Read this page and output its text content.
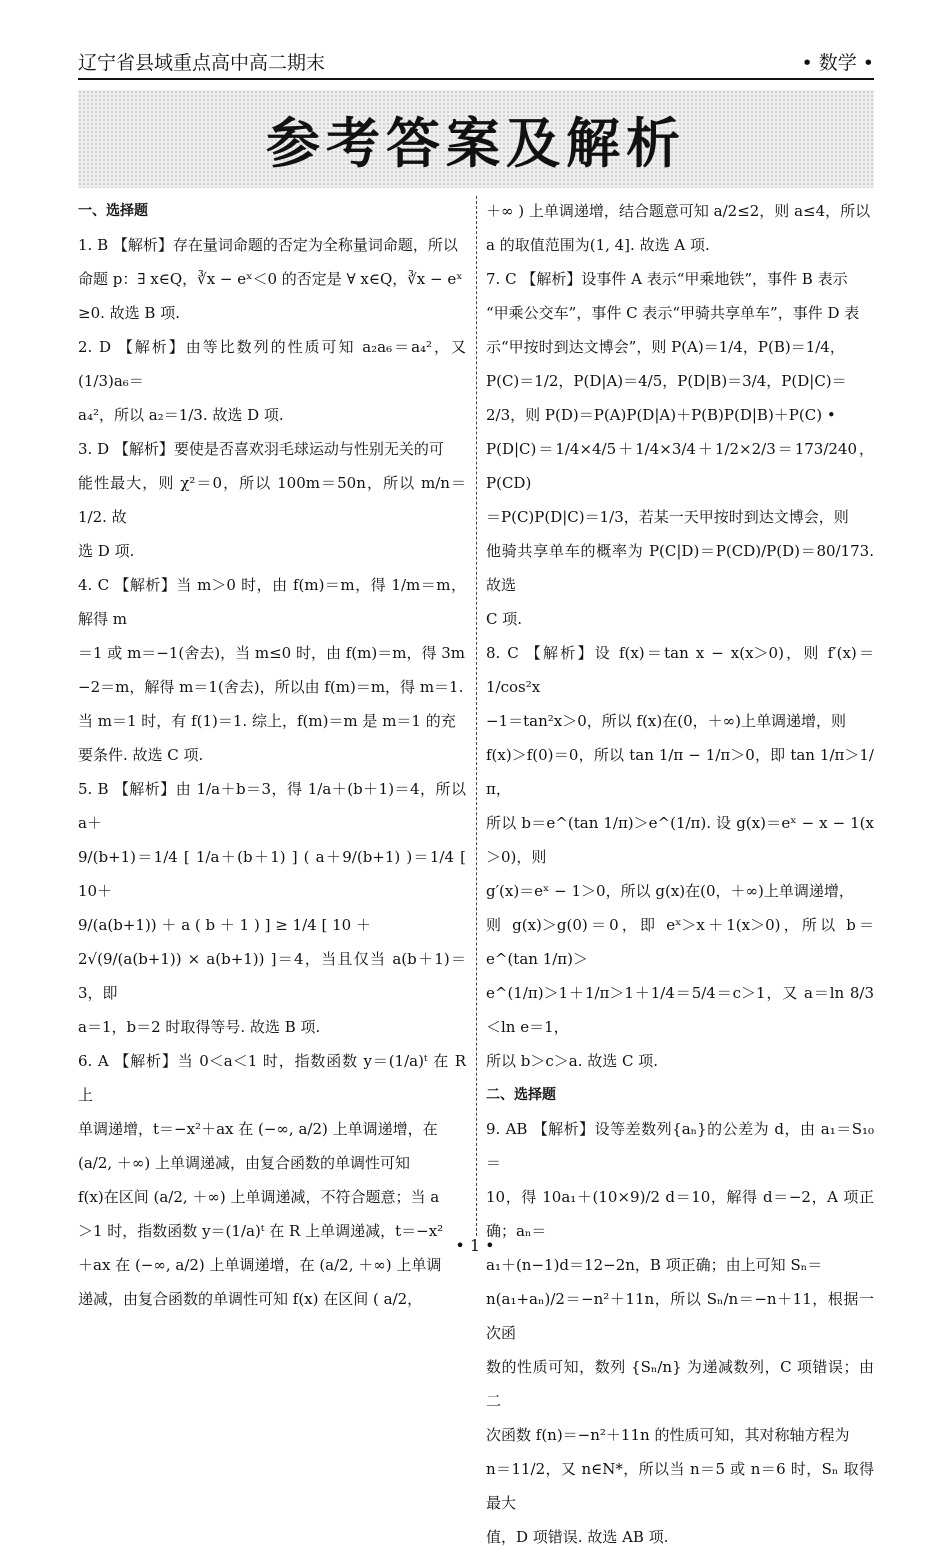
辽宁省县域重点高中高二期末	• 数学 •
参考答案及解析
一、选择题

1. B 【解析】存在量词命题的否定为全称量词命题，所以

命题 p：∃ x∈Q，∛x − eˣ＜0 的否定是 ∀ x∈Q，∛x − eˣ

≥0. 故选 B 项.

2. D 【解析】由等比数列的性质可知 a₂a₆＝a₄²，又 (1/3)a₆＝

a₄²，所以 a₂＝1/3. 故选 D 项.

3. D 【解析】要使是否喜欢羽毛球运动与性别无关的可

能性最大，则 χ²＝0，所以 100m＝50n，所以 m/n＝1/2. 故

选 D 项.

4. C 【解析】当 m＞0 时，由 f(m)＝m，得 1/m＝m，解得 m

＝1 或 m＝−1(舍去)，当 m≤0 时，由 f(m)＝m，得 3m

−2＝m，解得 m＝1(舍去)，所以由 f(m)＝m，得 m＝1.

当 m＝1 时，有 f(1)＝1. 综上，f(m)＝m 是 m＝1 的充

要条件. 故选 C 项.

5. B 【解析】由 1/a＋b＝3，得 1/a＋(b＋1)＝4，所以 a＋

9/(b+1)＝1/4 [ 1/a＋(b＋1) ] ( a＋9/(b+1) )＝1/4 [ 10＋

9/(a(b+1)) ＋ a ( b ＋ 1 ) ] ≥ 1/4 [ 10 ＋

2√(9/(a(b+1)) × a(b+1)) ]＝4，当且仅当 a(b＋1)＝3，即

a＝1，b＝2 时取得等号. 故选 B 项.

6. A 【解析】当 0＜a＜1 时，指数函数 y＝(1/a)ᵗ 在 R 上

单调递增，t＝−x²＋ax 在 (−∞, a/2) 上单调递增，在

(a/2, ＋∞) 上单调递减，由复合函数的单调性可知

f(x)在区间 (a/2, ＋∞) 上单调递减，不符合题意；当 a

＞1 时，指数函数 y＝(1/a)ᵗ 在 R 上单调递减，t＝−x²

＋ax 在 (−∞, a/2) 上单调递增，在 (a/2, ＋∞) 上单调

递减，由复合函数的单调性可知 f(x) 在区间 ( a/2，

＋∞ ) 上单调递增，结合题意可知 a/2≤2，则 a≤4，所以

a 的取值范围为(1, 4]. 故选 A 项.

7. C 【解析】设事件 A 表示“甲乘地铁”，事件 B 表示

“甲乘公交车”，事件 C 表示“甲骑共享单车”，事件 D 表

示“甲按时到达文博会”，则 P(A)＝1/4，P(B)＝1/4，

P(C)＝1/2，P(D|A)＝4/5，P(D|B)＝3/4，P(D|C)＝

2/3，则 P(D)＝P(A)P(D|A)＋P(B)P(D|B)＋P(C) •

P(D|C)＝1/4×4/5＋1/4×3/4＋1/2×2/3＝173/240，P(CD)

＝P(C)P(D|C)＝1/3，若某一天甲按时到达文博会，则

他骑共享单车的概率为 P(C|D)＝P(CD)/P(D)＝80/173. 故选

C 项.

8. C 【解析】设 f(x)＝tan x − x(x＞0)，则 f′(x)＝1/cos²x

−1＝tan²x＞0，所以 f(x)在(0，＋∞)上单调递增，则

f(x)＞f(0)＝0，所以 tan 1/π − 1/π＞0，即 tan 1/π＞1/π，

所以 b＝e^(tan 1/π)＞e^(1/π). 设 g(x)＝eˣ − x − 1(x＞0)，则

g′(x)＝eˣ − 1＞0，所以 g(x)在(0，＋∞)上单调递增，

则 g(x)＞g(0)＝0，即 eˣ＞x＋1(x＞0)，所以 b＝e^(tan 1/π)＞

e^(1/π)＞1＋1/π＞1＋1/4＝5/4＝c＞1，又 a＝ln 8/3＜ln e＝1，

所以 b＞c＞a. 故选 C 项.

二、选择题

9. AB 【解析】设等差数列{aₙ}的公差为 d，由 a₁＝S₁₀＝

10，得 10a₁＋(10×9)/2 d＝10，解得 d＝−2，A 项正确；aₙ＝

a₁＋(n−1)d＝12−2n，B 项正确；由上可知 Sₙ＝

n(a₁+aₙ)/2＝−n²＋11n，所以 Sₙ/n＝−n＋11，根据一次函

数的性质可知，数列 {Sₙ/n} 为递减数列，C 项错误；由二

次函数 f(n)＝−n²＋11n 的性质可知，其对称轴方程为

n＝11/2，又 n∈N*，所以当 n＝5 或 n＝6 时，Sₙ 取得最大

值，D 项错误. 故选 AB 项.

• 1 •
